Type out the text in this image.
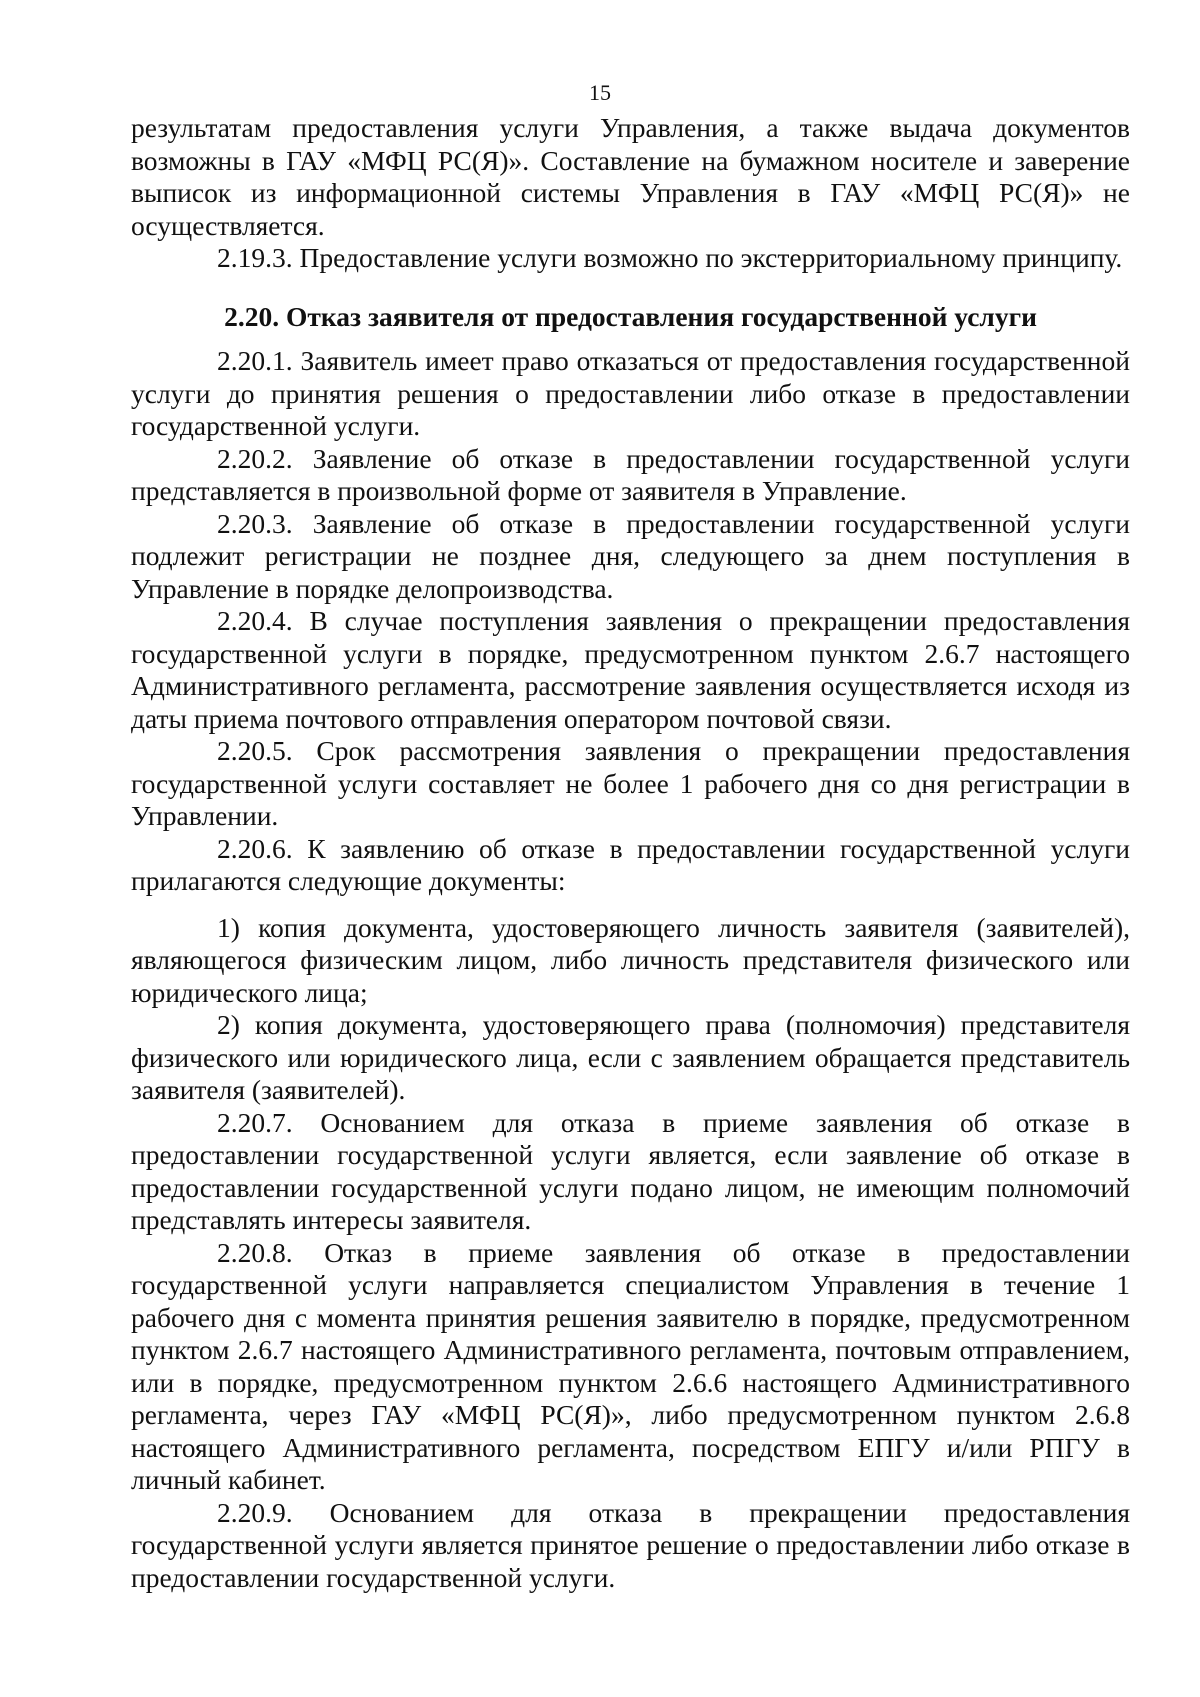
15

результатам предоставления услуги Управления, а также выдача документов возможны в ГАУ «МФЦ РС(Я)». Составление на бумажном носителе и заверение выписок из информационной системы Управления в ГАУ «МФЦ РС(Я)» не осуществляется.

2.19.3. Предоставление услуги возможно по экстерриториальному принципу.

2.20. Отказ заявителя от предоставления государственной услуги

2.20.1. Заявитель имеет право отказаться от предоставления государственной услуги до принятия решения о предоставлении либо отказе в предоставлении государственной услуги.

2.20.2. Заявление об отказе в предоставлении государственной услуги представляется в произвольной форме от заявителя в Управление.

2.20.3. Заявление об отказе в предоставлении государственной услуги подлежит регистрации не позднее дня, следующего за днем поступления в Управление в порядке делопроизводства.

2.20.4. В случае поступления заявления о прекращении предоставления государственной услуги в порядке, предусмотренном пунктом 2.6.7 настоящего Административного регламента, рассмотрение заявления осуществляется исходя из даты приема почтового отправления оператором почтовой связи.

2.20.5. Срок рассмотрения заявления о прекращении предоставления государственной услуги составляет не более 1 рабочего дня со дня регистрации в Управлении.

2.20.6. К заявлению об отказе в предоставлении государственной услуги прилагаются следующие документы:

1) копия документа, удостоверяющего личность заявителя (заявителей), являющегося физическим лицом, либо личность представителя физического или юридического лица;

2) копия документа, удостоверяющего права (полномочия) представителя физического или юридического лица, если с заявлением обращается представитель заявителя (заявителей).

2.20.7. Основанием для отказа в приеме заявления об отказе в предоставлении государственной услуги является, если заявление об отказе в предоставлении государственной услуги подано лицом, не имеющим полномочий представлять интересы заявителя.

2.20.8. Отказ в приеме заявления об отказе в предоставлении государственной услуги направляется специалистом Управления в течение 1 рабочего дня с момента принятия решения заявителю в порядке, предусмотренном пунктом 2.6.7 настоящего Административного регламента, почтовым отправлением, или в порядке, предусмотренном пунктом 2.6.6 настоящего Административного регламента, через ГАУ «МФЦ РС(Я)», либо предусмотренном пунктом 2.6.8 настоящего Административного регламента, посредством ЕПГУ и/или РПГУ в личный кабинет.

2.20.9. Основанием для отказа в прекращении предоставления государственной услуги является принятое решение о предоставлении либо отказе в предоставлении государственной услуги.
